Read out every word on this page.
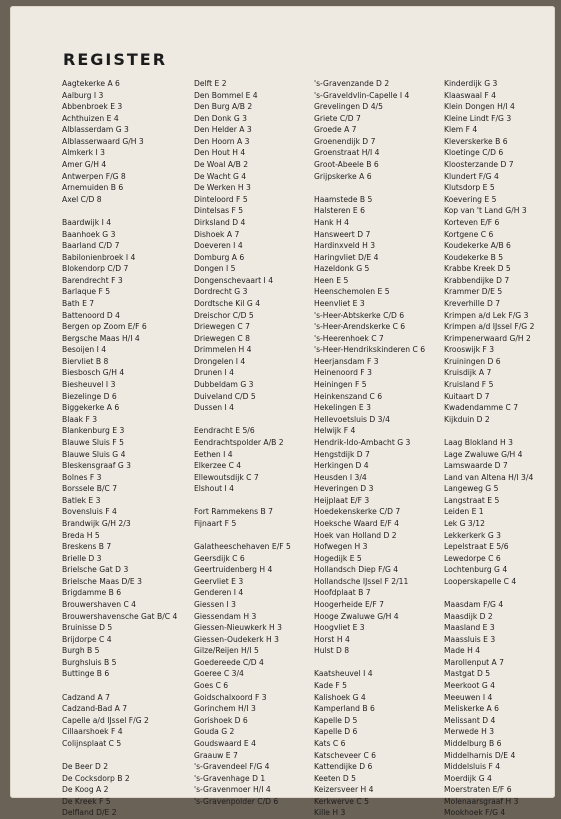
REGISTER
Aagtekerke A 6
Aalburg I 3
Abbenbroek E 3
Achthuizen E 4
Alblasserdam G 3
Alblasserwaard G/H 3
Almkerk I 3
Amer G/H 4
Antwerpen F/G 8
Arnemuiden B 6
Axel C/D 8
Baardwijk I 4
Baanhoek G 3
Baarland C/D 7
Babilonienbroek I 4
Blokendorp C/D 7
Barendrecht F 3
Barlaque F 5
Bath E 7
Battenoord D 4
Bergen op Zoom E/F 6
Bergsche Maas H/I 4
Besoijen I 4
Biervliet B 8
Biesbosch G/H 4
Biesheuvel I 3
Biezelinge D 6
Biggekerke A 6
Blaak F 3
Blankenburg E 3
Blauwe Sluis F 5
Blauwe Sluis G 4
Bleskensgraaf G 3
Bolnes F 3
Borssele B/C 7
Batlek E 3
Bovensluis F 4
Brandwijk G/H 2/3
Breda H 5
Breskens B 7
Brielle D 3
Brielsche Gat D 3
Brielsche Maas D/E 3
Brigdamme B 6
Brouwershaven C 4
Brouwershavensche Gat B/C 4
Bruinisse D 5
Brijdorpe C 4
Burgh B 5
Burghsluis B 5
Buttinge B 6
Cadzand A 7
Cadzand-Bad A 7
Capelle a/d IJssel F/G 2
Cillaarshoek F 4
Colijnsplaat C 5
De Beer D 2
De Cocksdorp B 2
De Koog A 2
De Kreek F 5
Delfland D/E 2
Delft E 2
Den Bommel E 4
Den Burg A/B 2
Den Donk G 3
Den Helder A 3
Den Hoorn A 3
Den Hout H 4
De Woal A/B 2
De Wacht G 4
De Werken H 3
Dinteloord F 5
Dintelsas F 5
Dirksland D 4
Dishoek A 7
Doeveren I 4
Domburg A 6
Dongen I 5
Dongenschevaart I 4
Dordrecht G 3
Dordtsche Kil G 4
Dreischor C/D 5
Driewegen C 7
Driewegen C 8
Drimmelen H 4
Drongelen I 4
Drunen I 4
Dubbeldam G 3
Duiveland C/D 5
Dussen I 4
Eendracht E 5/6
Eendrachtspolder A/B 2
Eethen I 4
Elkerzee C 4
Ellewoutsdijk C 7
Elshout I 4
Fort Rammekens B 7
Fijnaart F 5
Galatheeschehaven E/F 5
Geersdijk C 6
Geertruidenberg H 4
Geervliet E 3
Genderen I 4
Giessen I 3
Giessendam H 3
Giessen-Nieuwkerk H 3
Giessen-Oudekerk H 3
Gilze/Reijen H/I 5
Goedereede C/D 4
Goeree C 3/4
Goes C 6
Goidschalxoord F 3
Gorinchem H/I 3
Gorishoek D 6
Gouda G 2
Goudswaard E 4
Graauw E 7
's-Gravendeel F/G 4
's-Gravenhage D 1
's-Gravenmoer H/I 4
's-Gravenpolder C/D 6
's-Gravenzande D 2
's-Graveldvlin-Capelle I 4
Grevelingen D 4/5
Griete C/D 7
Groede A 7
Groenendijk D 7
Groenstraat H/I 4
Groot-Abeele B 6
Grijpskerke A 6
Haamstede B 5
Halsteren E 6
Hank H 4
Hansweert D 7
Hardinxveld H 3
Haringvliet D/E 4
Hazeldonk G 5
Heen E 5
Heenschemolen E 5
Heenvliet E 3
's-Heer-Abtskerke C/D 6
's-Heer-Arendskerke C 6
's-Heerenhoek C 7
's-Heer-Hendrikskinderen C 6
Heerjansdam F 3
Heinenoord F 3
Heiningen F 5
Heinkenszand C 6
Hekelingen E 3
Hellevoetsluis D 3/4
Helwijk F 4
Hendrik-Ido-Ambacht G 3
Hengstdijk D 7
Herkingen D 4
Heusden I 3/4
Heveringen D 3
Heijplaat E/F 3
Hoedekenskerke C/D 7
Hoeksche Waard E/F 4
Hoek van Holland D 2
Hofwegen H 3
Hogedijk E 5
Hollandsch Diep F/G 4
Hollandsche IJssel F 2/11
Hoofdplaat B 7
Hoogerheide E/F 7
Hooge Zwaluwe G/H 4
Hoogvliet E 3
Horst H 4
Hulst D 8
Kaatsheuvel I 4
Kade F 5
Kalishoek G 4
Kamperland B 6
Kapelle D 5
Kapelle D 6
Kats C 6
Katscheveer C 6
Kattendijke D 6
Keeten D 5
Keizersveer H 4
Kerkwerve C 5
Kille H 3
Kinderdijk G 3
Klaaswaal F 4
Klein Dongen H/I 4
Kleine Lindt F/G 3
Klem F 4
Kleverskerke B 6
Kloetinge C/D 6
Kloosterzande D 7
Klundert F/G 4
Klutsdorp E 5
Koevering E 5
Kop van 't Land G/H 3
Korteven E/F 6
Kortgene C 6
Koudekerke A/B 6
Koudekerke B 5
Krabbe Kreek D 5
Krabbendijke D 7
Krammer D/E 5
Kreverhille D 7
Krimpen a/d Lek F/G 3
Krimpen a/d IJssel F/G 2
Krimpenerwaard G/H 2
Krooswijk F 3
Kruiningen D 6
Kruisdijk A 7
Kruisland F 5
Kuitaart D 7
Kwadendamme C 7
Kijkduin D 2
Laag Blokland H 3
Lage Zwaluwe G/H 4
Lamswaarde D 7
Land van Altena H/I 3/4
Langeweg G 5
Langstraat E 5
Leiden E 1
Lek G 3/12
Lekkerkerk G 3
Lepelstraat E 5/6
Lewedorpe C 6
Lochtenburg G 4
Looperskapelle C 4
Maasdam F/G 4
Maasdijk D 2
Maasland E 3
Maassluis E 3
Made H 4
Marollenput A 7
Mastgat D 5
Meerkoot G 4
Meeuwen I 4
Meliskerke A 6
Melissant D 4
Merwede H 3
Middelburg B 6
Middelharnis D/E 4
Middelsluis F 4
Moerdijk G 4
Moerstraten E/F 6
Molenaarsgraaf H 3
Mookhoek F/G 4
